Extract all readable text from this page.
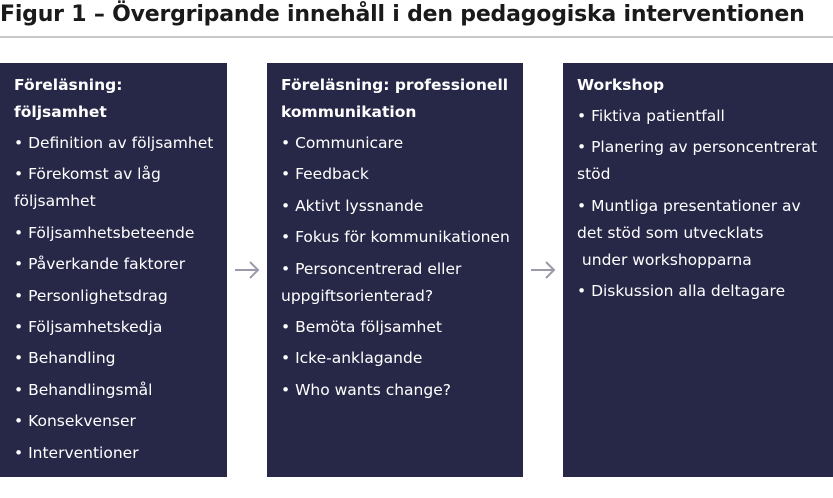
Figur 1 – Övergripande innehåll i den pedagogiska interventionen
Föreläsning: följsamhet
• Definition av följsamhet
• Förekomst av låg följsamhet
• Följsamhetsbeteende
• Påverkande faktorer
• Personlighetsdrag
• Följsamhetskedja
• Behandling
• Behandlingsmål
• Konsekvenser
• Interventioner
• Lagstiftning
Föreläsning: professionell kommunikation
• Communicare
• Feedback
• Aktivt lyssnande
• Fokus för kommunikationen
• Personcentrerad eller uppgiftsorienterad?
• Bemöta följsamhet
• Icke-anklagande
• Who wants change?
Workshop
• Fiktiva patientfall
• Planering av personcentrerat stöd
• Muntliga presentationer av det stöd som utvecklats
under workshopparna
• Diskussion alla deltagare
